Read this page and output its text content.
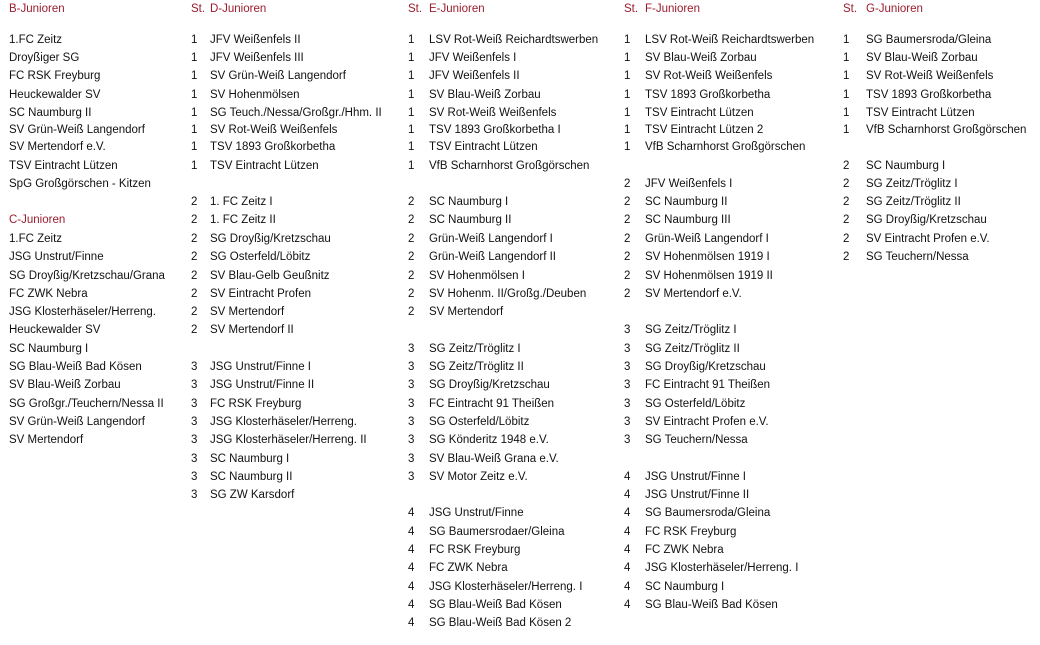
B-Junioren	St. D-Junioren	St. E-Junioren	St. F-Junioren	St. G-Junioren
1.FC Zeitz
Droyßiger SG
FC RSK Freyburg
Heuckewalder SV
SC Naumburg II
SV Grün-Weiß Langendorf
SV Mertendorf e.V.
TSV Eintracht Lützen
SpG Großgörschen - Kitzen
C-Junioren
1.FC Zeitz
JSG Unstrut/Finne
SG Droyßig/Kretzschau/Grana
FC ZWK Nebra
JSG Klosterhäseler/Herreng.
Heuckewalder SV
SC Naumburg I
SG Blau-Weiß Bad Kösen
SV Blau-Weiß Zorbau
SG Großgr./Teuchern/Nessa II
SV Grün-Weiß Langendorf
SV Mertendorf
1 JFV Weißenfels II
1 JFV Weißenfels III
1 SV Grün-Weiß Langendorf
1 SV Hohenmölsen
1 SG Teuch./Nessa/Großgr./Hhm. II
1 SV Rot-Weiß Weißenfels
1 TSV 1893 Großkorbetha
1 TSV Eintracht Lützen
2 1. FC Zeitz I
2 1. FC Zeitz II
2 SG Droyßig/Kretzschau
2 SG Osterfeld/Löbitz
2 SV Blau-Gelb Geußnitz
2 SV Eintracht Profen
2 SV Mertendorf
2 SV Mertendorf II
3 JSG Unstrut/Finne I
3 JSG Unstrut/Finne II
3 FC RSK Freyburg
3 JSG Klosterhäseler/Herreng.
3 JSG Klosterhäseler/Herreng. II
3 SC Naumburg I
3 SC Naumburg II
3 SG ZW Karsdorf
1 LSV Rot-Weiß Reichardtswerben
1 JFV Weißenfels I
1 JFV Weißenfels II
1 SV Blau-Weiß Zorbau
1 SV Rot-Weiß Weißenfels
1 TSV 1893 Großkorbetha I
1 TSV Eintracht Lützen
1 VfB Scharnhorst Großgörschen
2 SC Naumburg I
2 SC Naumburg II
2 Grün-Weiß Langendorf I
2 Grün-Weiß Langendorf II
2 SV Hohenmölsen I
2 SV Hohenm. II/Großg./Deuben
2 SV Mertendorf
3 SG Zeitz/Tröglitz I
3 SG Zeitz/Tröglitz II
3 SG Droyßig/Kretzschau
3 FC Eintracht 91 Theißen
3 SG Osterfeld/Löbitz
3 SG Könderitz 1948 e.V.
3 SV Blau-Weiß Grana e.V.
3 SV Motor Zeitz e.V.
4 JSG Unstrut/Finne
4 SG Baumersrodaer/Gleina
4 FC RSK Freyburg
4 FC ZWK Nebra
4 JSG Klosterhäseler/Herreng. I
4 SG Blau-Weiß Bad Kösen
4 SG Blau-Weiß Bad Kösen 2
1 LSV Rot-Weiß Reichardtswerben
1 SV Blau-Weiß Zorbau
1 SV Rot-Weiß Weißenfels
1 TSV 1893 Großkorbetha
1 TSV Eintracht Lützen
1 TSV Eintracht Lützen 2
1 VfB Scharnhorst Großgörschen
2 JFV Weißenfels I
2 SC Naumburg II
2 SC Naumburg III
2 Grün-Weiß Langendorf I
2 SV Hohenmölsen 1919 I
2 SV Hohenmölsen 1919 II
2 SV Mertendorf e.V.
3 SG Zeitz/Tröglitz I
3 SG Zeitz/Tröglitz II
3 SG Droyßig/Kretzschau
3 FC Eintracht 91 Theißen
3 SG Osterfeld/Löbitz
3 SV Eintracht Profen e.V.
3 SG Teuchern/Nessa
4 JSG Unstrut/Finne I
4 JSG Unstrut/Finne II
4 SG Baumersroda/Gleina
4 FC RSK Freyburg
4 FC ZWK Nebra
4 JSG Klosterhäseler/Herreng. I
4 SC Naumburg I
4 SG Blau-Weiß Bad Kösen
1 SG Baumersroda/Gleina
1 SV Blau-Weiß Zorbau
1 SV Rot-Weiß Weißenfels
1 TSV 1893 Großkorbetha
1 TSV Eintracht Lützen
1 VfB Scharnhorst Großgörschen
2 SC Naumburg I
2 SG Zeitz/Tröglitz I
2 SG Zeitz/Tröglitz II
2 SG Droyßig/Kretzschau
2 SV Eintracht Profen e.V.
2 SG Teuchern/Nessa
